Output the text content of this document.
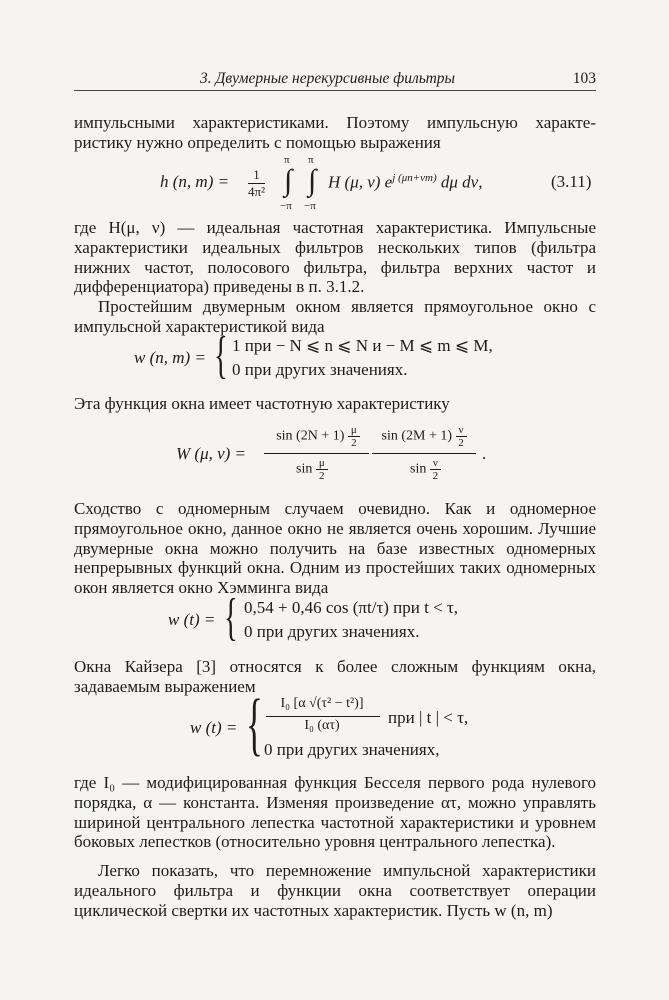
3. Двумерные нерекурсивные фильтры	103
импульсными характеристиками. Поэтому импульсную характе-ристику нужно определить с помощью выражения
h (n, $m) = \frac{1}{\text{4π²}}$
π
∫
−π
π
∫
−π
H (μ, ν) $e^{j (\mu n+\nu m)}$ dμ dν,	(3.11)
где H(μ, ν) — идеальная частотная характеристика. Импульсные характеристики идеальных фильтров нескольких типов (фильтра нижних частот, полосового фильтра, фильтра верхних частот и дифференциатора) приведены в п. 3.1.2.
Простейшим двумерным окном является прямоугольное окно с импульсной характеристикой вида
w (n, m) = { 1 при − N ⩽ n ⩽ N и − M ⩽ m ⩽ M,
0 при других значениях.
Эта функция окна имеет частотную характеристику
W (μ, ν) =
$\sin (2N + 1) \frac{\mu}{2}$
$\sin \frac{\mu}{2}$
$\sin (2M + 1) \frac{\nu}{2}$
$\sin \frac{\nu}{2}$
.
Сходство с одномерным случаем очевидно. Как и одномерное прямоугольное окно, данное окно не является очень хорошим. Лучшие двумерные окна можно получить на базе известных одномерных непрерывных функций окна. Одним из простейших таких одномерных окон является окно Хэмминга вида
w (t) = { 0,54 + 0,46 cos (πt/τ) при t < τ,
0 при других значениях.
Окна Кайзера [3] относятся к более сложным функциям окна, задаваемым выражением
w (t) = {	I₀ [α √(τ² − t²)]
I₀ (ατ)	при | t | < τ,
0 при других значениях,
где I₀ — модифицированная функция Бесселя первого рода нулевого порядка, α — константа. Изменяя произведение ατ, можно управлять шириной центрального лепестка частотной характеристики и уровнем боковых лепестков (относительно уровня центрального лепестка).
Легко показать, что перемножение импульсной характеристики идеального фильтра и функции окна соответствует операции циклической свертки их частотных характеристик. Пусть w (n, m)
